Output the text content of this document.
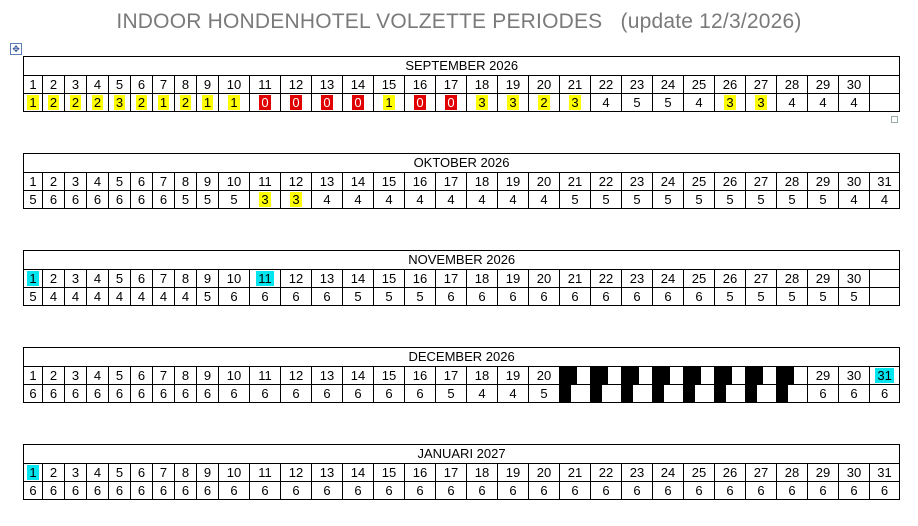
INDOOR HONDENHOTEL VOLZETTE PERIODES   (update 12/3/2026)
✥
SEPTEMBER 2026																														
1	2	3	4	5	6	7	8	9	10	11	12	13	14	15	16	17	18	19	20	21	22	23	24	25	26	27	28	29	30	
1	2	2	2	3	2	1	2	1	1	0	0	0	0	1	0	0	3	3	2	3	4	5	5	4	3	3	4	4	4	
OKTOBER 2026																														
1	2	3	4	5	6	7	8	9	10	11	12	13	14	15	16	17	18	19	20	21	22	23	24	25	26	27	28	29	30	31
5	6	6	6	6	6	6	5	5	5	3	3	4	4	4	4	4	4	4	4	5	5	5	5	5	5	5	5	5	4	4
NOVEMBER 2026																														
1	2	3	4	5	6	7	8	9	10	11	12	13	14	15	16	17	18	19	20	21	22	23	24	25	26	27	28	29	30	
5	4	4	4	4	4	4	4	5	6	6	6	6	5	5	5	6	6	6	6	6	6	6	6	6	5	5	5	5	5	
DECEMBER 2026																														
1	2	3	4	5	6	7	8	9	10	11	12	13	14	15	16	17	18	19	20									29	30	31
6	6	6	6	6	6	6	6	6	6	6	6	6	6	6	6	5	4	4	5									6	6	6
JANUARI 2027																														
1	2	3	4	5	6	7	8	9	10	11	12	13	14	15	16	17	18	19	20	21	22	23	24	25	26	27	28	29	30	31
6	6	6	6	6	6	6	6	6	6	6	6	6	6	6	6	6	6	6	6	6	6	6	6	6	6	6	6	6	6	6
